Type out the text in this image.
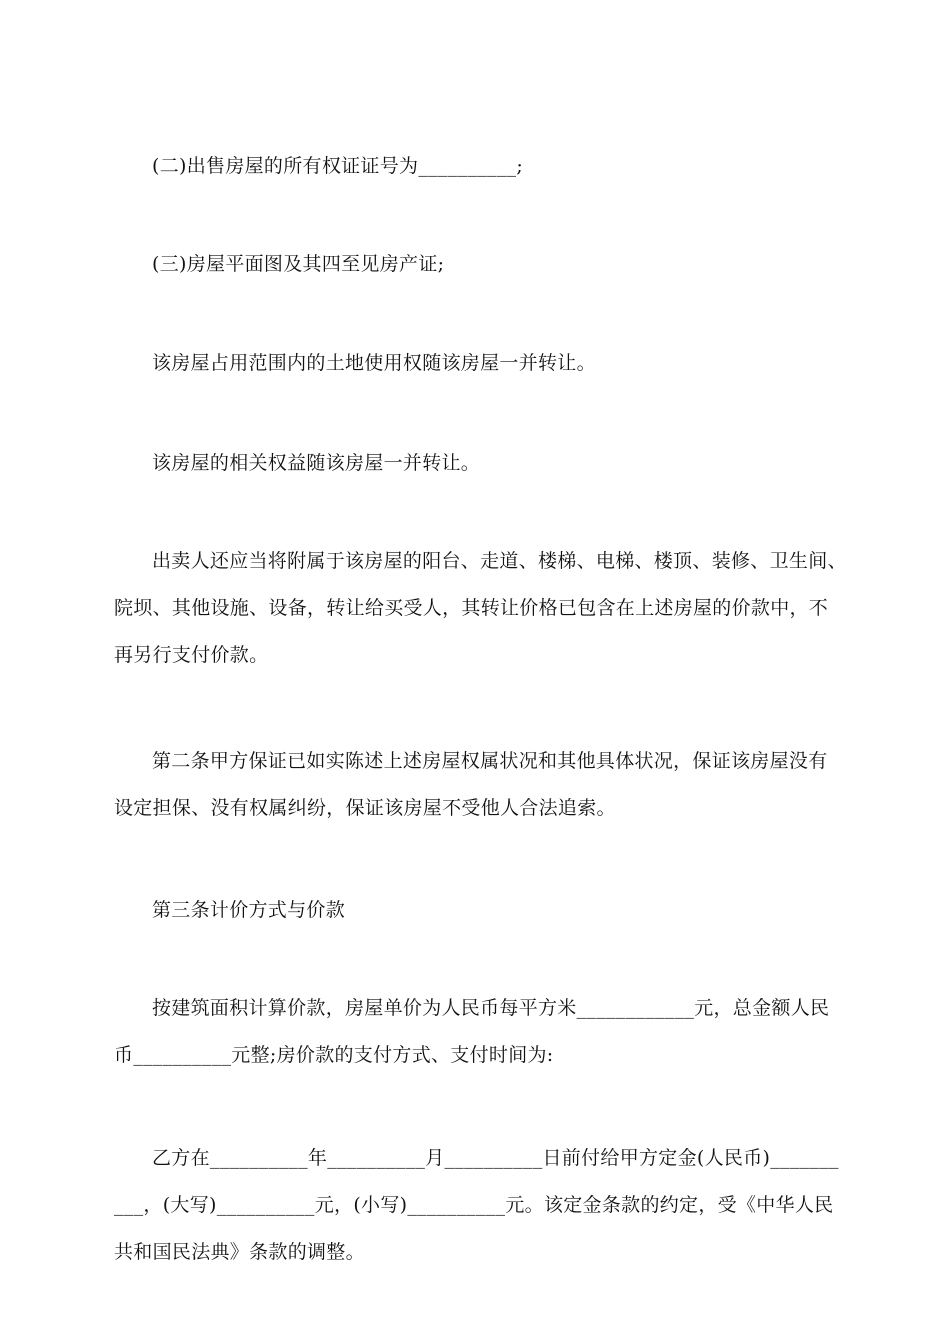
(二)出售房屋的所有权证证号为__________;
(三)房屋平面图及其四至见房产证;
该房屋占用范围内的土地使用权随该房屋一并转让。
该房屋的相关权益随该房屋一并转让。
出卖人还应当将附属于该房屋的阳台、走道、楼梯、电梯、楼顶、装修、卫生间、
院坝、其他设施、设备，转让给买受人，其转让价格已包含在上述房屋的价款中，不
再另行支付价款。
第二条甲方保证已如实陈述上述房屋权属状况和其他具体状况，保证该房屋没有
设定担保、没有权属纠纷，保证该房屋不受他人合法追索。
第三条计价方式与价款
按建筑面积计算价款，房屋单价为人民币每平方米____________元，总金额人民
币__________元整;房价款的支付方式、支付时间为:
乙方在__________年__________月__________日前付给甲方定金(人民币)_______
___，(大写)__________元，(小写)__________元。该定金条款的约定，受《中华人民
共和国民法典》条款的调整。
